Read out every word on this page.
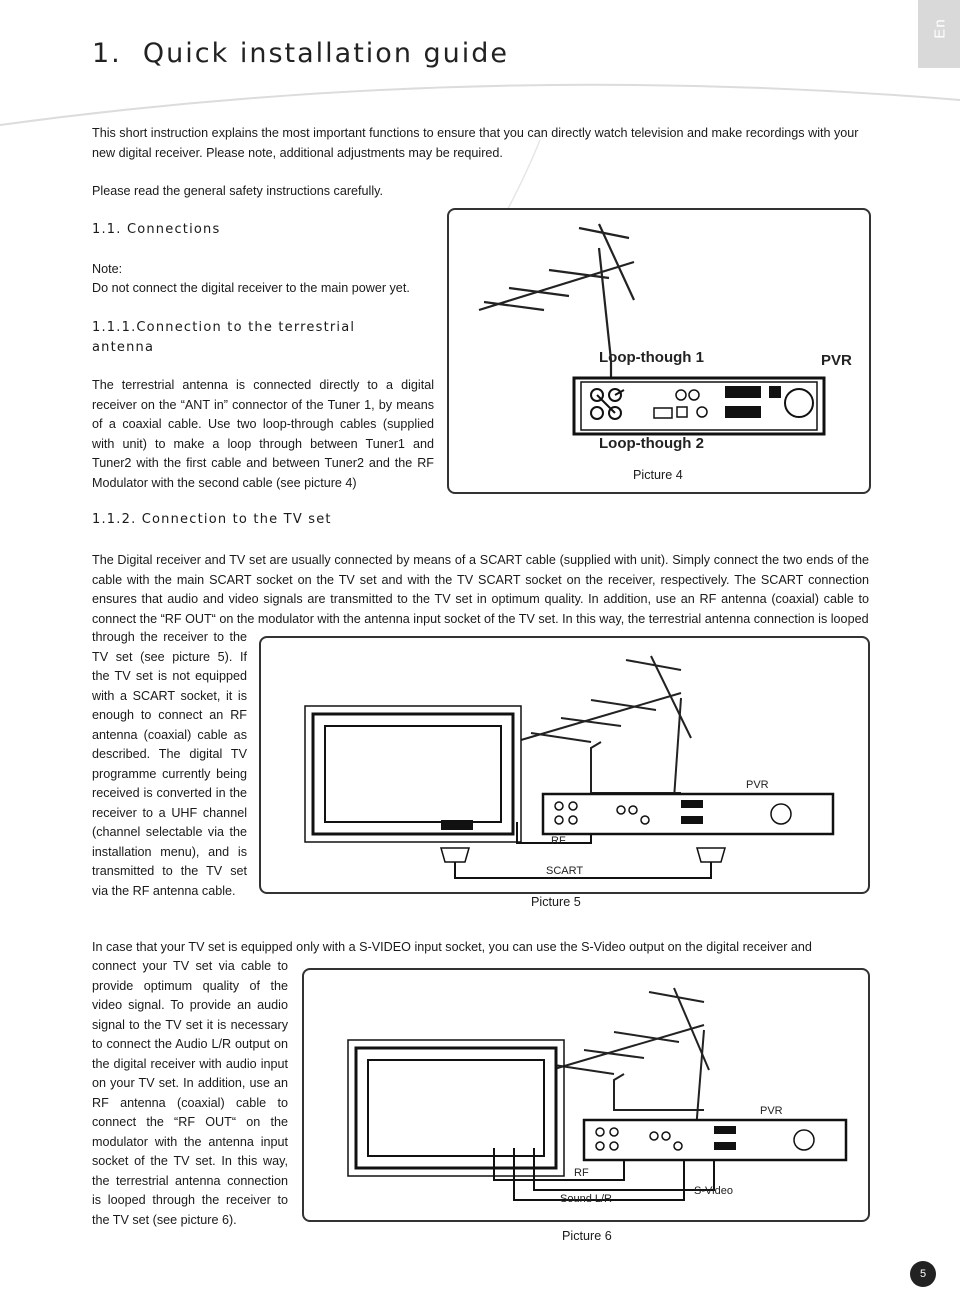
En
1.  Quick installation guide
This short instruction explains the most important functions to ensure that you can directly watch television and make recordings with your new digital receiver. Please note, additional adjustments may be required.
Please read the general safety instructions carefully.
1.1. Connections
Note:
Do not connect the digital receiver to the main power yet.
1.1.1.Connection to the terrestrial antenna
The terrestrial antenna is connected directly to a digital receiver on the “ANT in” connector of the Tuner 1, by means of a coaxial cable. Use two loop-through cables (supplied with unit) to make a loop through between Tuner1 and Tuner2 with the first cable and between Tuner2 and the RF Modulator with the second cable (see picture 4)
Loop-though 1	PVR
Loop-though 2
Picture 4
1.1.2. Connection to the TV set
The Digital receiver and TV set are usually connected by means of a SCART cable (supplied with unit). Simply connect the two ends of the cable with the main SCART socket on the TV set and with the TV SCART socket on the receiver, respectively. The SCART connection ensures that audio and video signals are transmitted to the TV set in optimum quality. In addition, use an RF antenna (coaxial) cable to connect the “RF OUT“ on the modulator with the antenna input socket of the TV set. In this way, the terrestrial antenna connection is looped
through the receiver to the TV set (see picture 5). If the TV set is not equipped with a SCART socket, it is enough to connect an RF antenna (coaxial) cable as described. The digital TV programme currently being received is converted in the receiver to a UHF channel (channel selectable via the installation menu), and is transmitted to the TV set via the RF antenna cable.
PVR
RF
SCART
Picture 5
In case that your TV set is equipped only with a S-VIDEO input socket, you can use the S-Video output on the digital receiver and
connect your TV set via cable to provide optimum quality of the video signal. To provide an audio signal to the TV set it is necessary to connect the Audio L/R output on the digital receiver with audio input on your TV set. In addition, use an RF antenna (coaxial) cable to connect the “RF OUT“ on the modulator with the antenna input socket of the TV set. In this way, the terrestrial antenna connection is looped through the receiver to the TV set (see picture 6).
PVR
RF
Sound L/R
S-Video
Picture 6
5
